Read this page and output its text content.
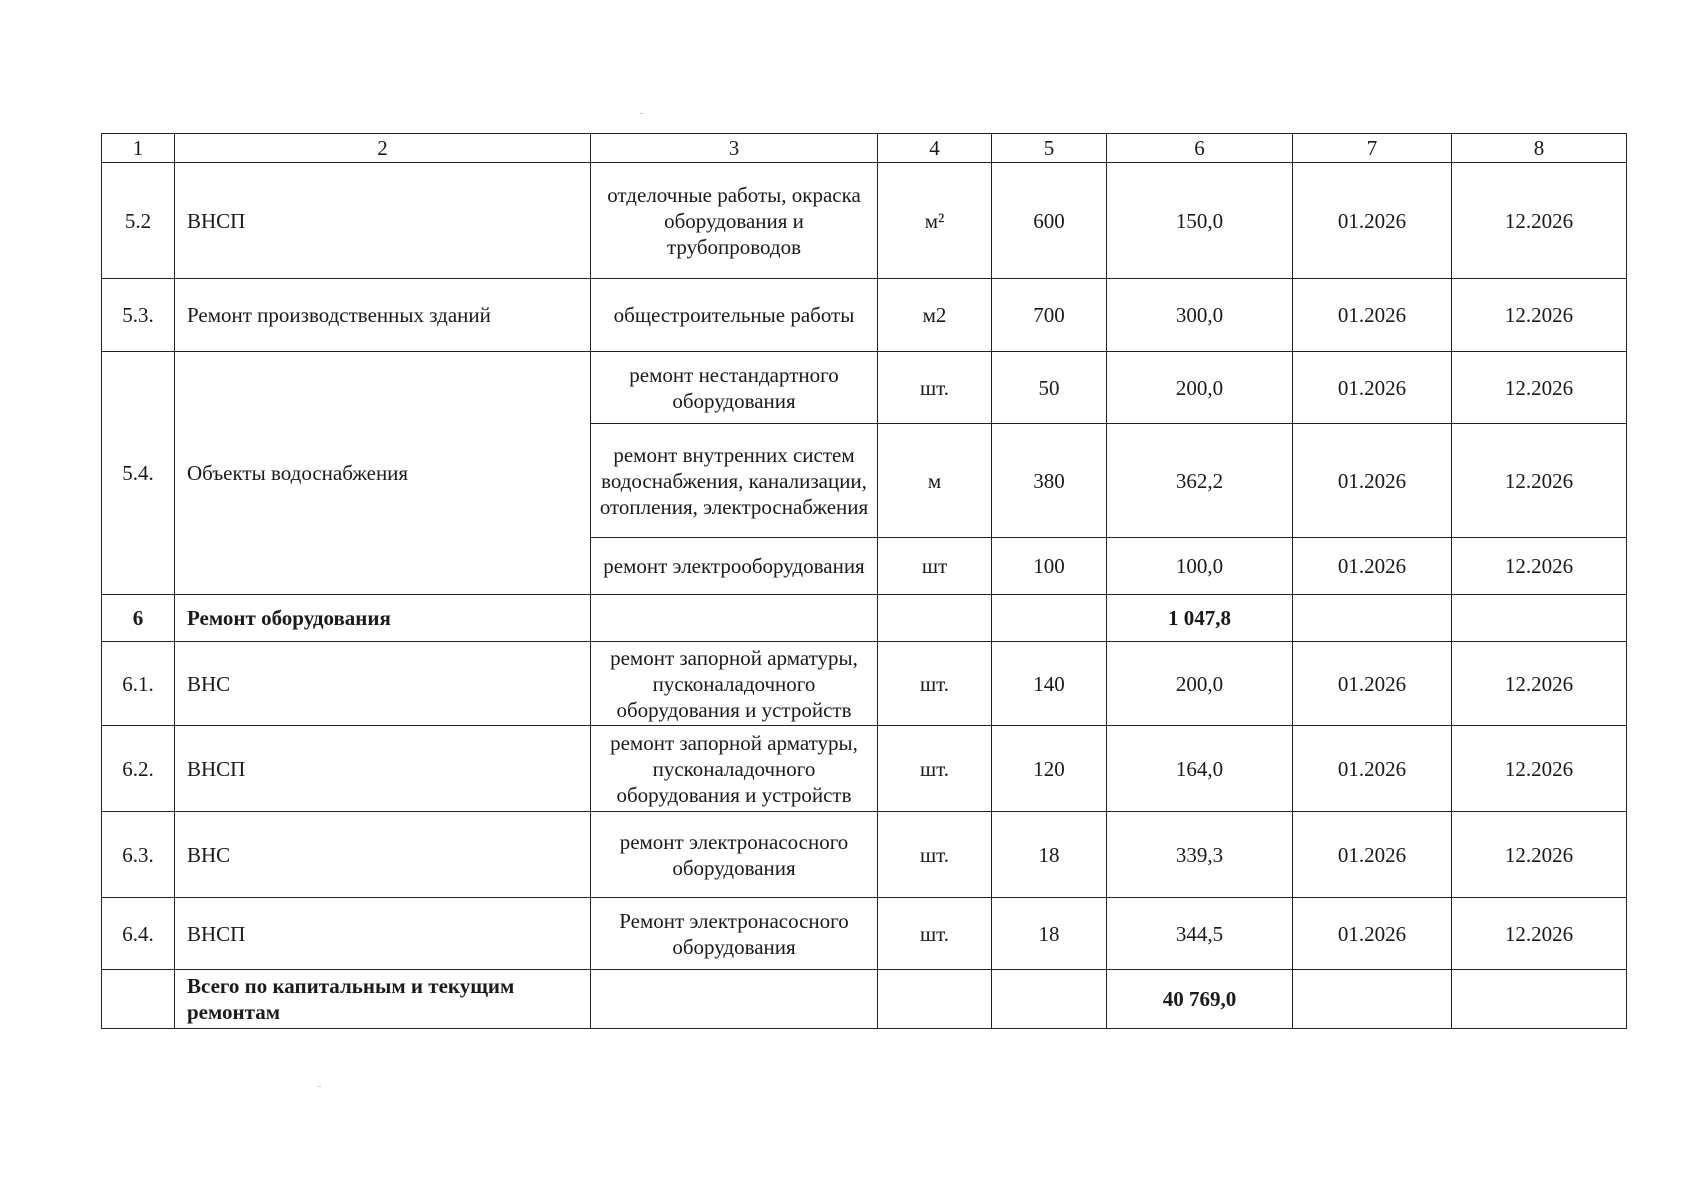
1	2	3	4	5	6	7	8
5.2	ВНСП	отделочные работы, окраска оборудования и трубопроводов	м²	600	150,0	01.2026	12.2026
5.3.	Ремонт производственных зданий	общестроительные работы	м2	700	300,0	01.2026	12.2026
5.4.	Объекты водоснабжения	ремонт нестандартного оборудования	шт.	50	200,0	01.2026	12.2026
		ремонт внутренних систем водоснабжения, канализации, отопления, электроснабжения	м	380	362,2	01.2026	12.2026
		ремонт электрооборудования	шт	100	100,0	01.2026	12.2026
6	Ремонт оборудования				1 047,8		
6.1.	ВНС	ремонт запорной арматуры, пусконаладочного оборудования и устройств	шт.	140	200,0	01.2026	12.2026
6.2.	ВНСП	ремонт запорной арматуры, пусконаладочного оборудования и устройств	шт.	120	164,0	01.2026	12.2026
6.3.	ВНС	ремонт электронасосного оборудования	шт.	18	339,3	01.2026	12.2026
6.4.	ВНСП	Ремонт электронасосного оборудования	шт.	18	344,5	01.2026	12.2026
	Всего по капитальным и текущим ремонтам				40 769,0		
